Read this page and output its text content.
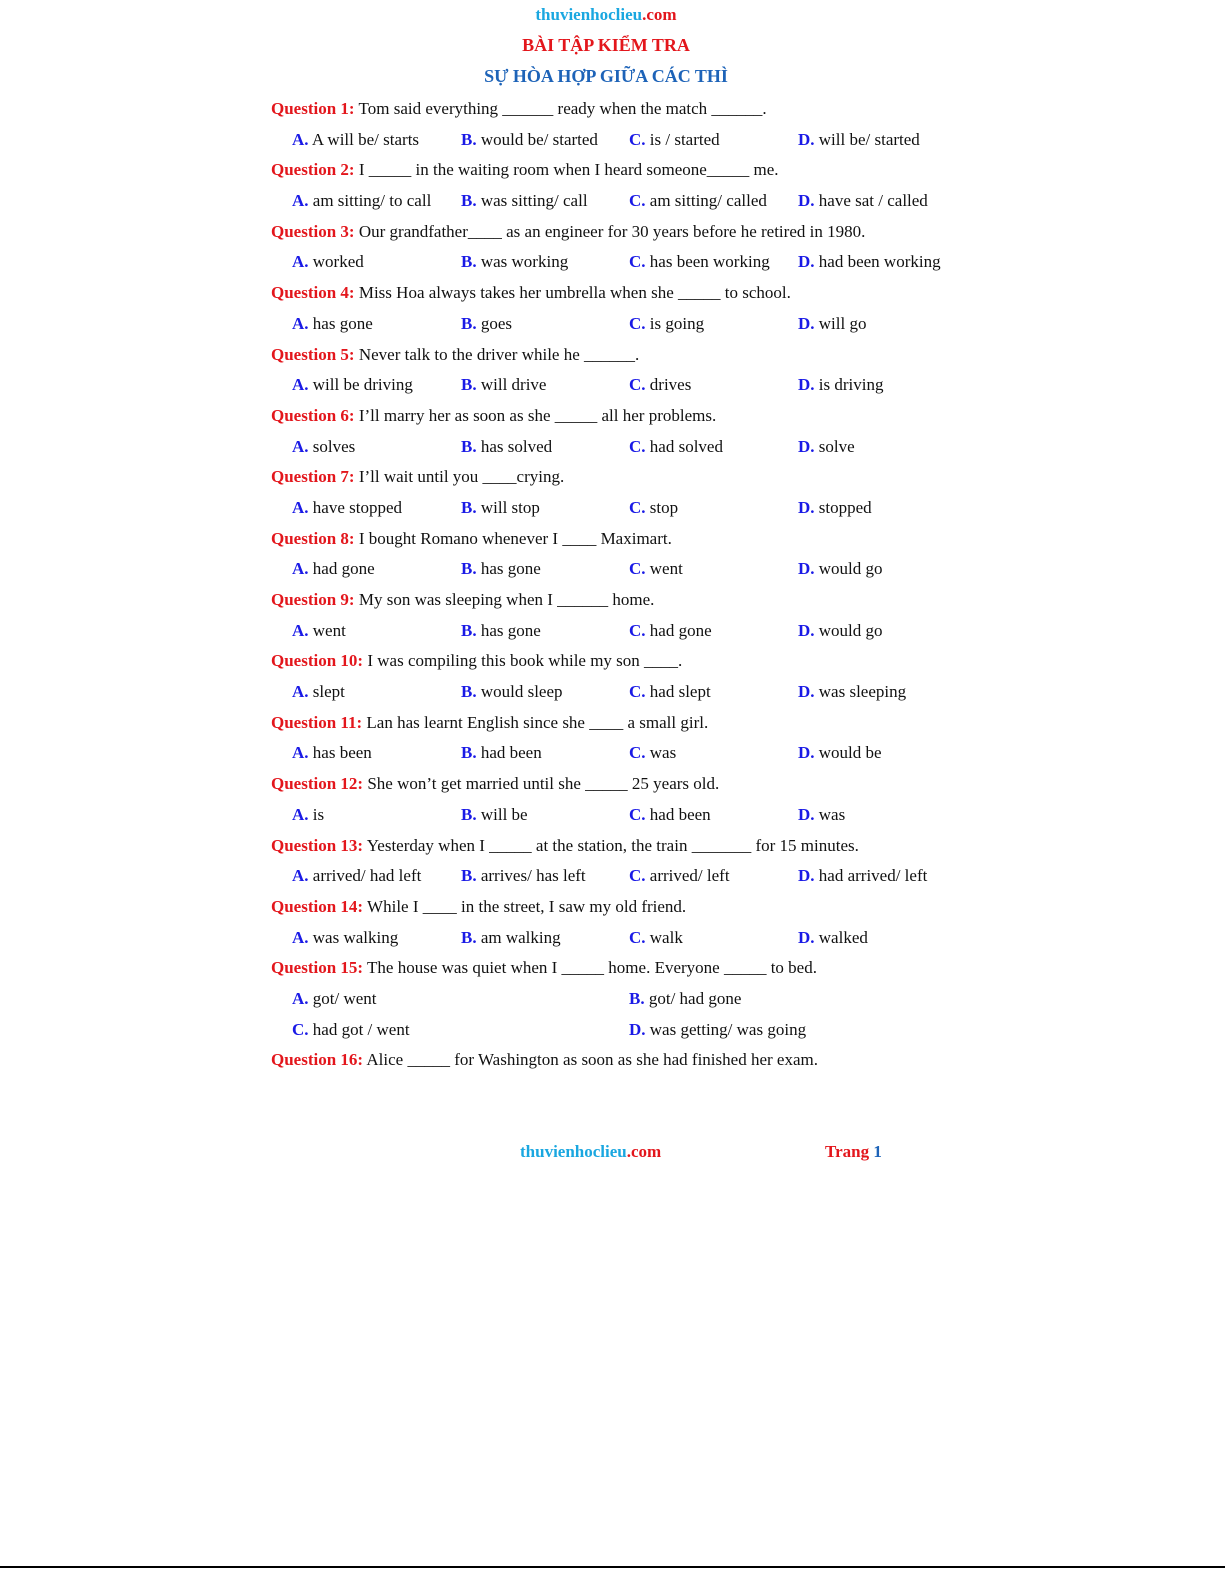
thuvienhoclieu.com
BÀI TẬP KIỂM TRA
SỰ HÒA HỢP GIỮA CÁC THÌ
Question 1: Tom said everything ______ ready when the match ______.
A. A will be/ starts B. would be/ started C. is / started	D. will be/ started
Question 2: I _____ in the waiting room when I heard someone_____ me.
A. am sitting/ to call B. was sitting/ call C. am sitting/ called D. have sat / called
Question 3: Our grandfather____ as an engineer for 30 years before he retired in 1980.
A. worked	B. was working	C. has been working D. had been working
Question 4: Miss Hoa always takes her umbrella when she _____ to school.
A. has gone	B. goes	C. is going	D. will go
Question 5: Never talk to the driver while he ______.
A. will be driving	B. will drive	C. drives	D. is driving
Question 6: I’ll marry her as soon as she _____ all her problems.
A. solves	B. has solved	C. had solved	D. solve
Question 7: I’ll wait until you ____crying.
A. have stopped	B. will stop	C. stop	D. stopped
Question 8: I bought Romano whenever I ____ Maximart.
A. had gone	B. has gone	C. went	D. would go
Question 9: My son was sleeping when I ______ home.
A. went	B. has gone	C. had gone	D. would go
Question 10: I was compiling this book while my son ____.
A. slept	B. would sleep	C. had slept	D. was sleeping
Question 11: Lan has learnt English since she ____ a small girl.
A. has been	B. had been	C. was	D. would be
Question 12: She won’t get married until she _____ 25 years old.
A. is	B. will be	C. had been	D. was
Question 13: Yesterday when I _____ at the station, the train _______ for 15 minutes.
A. arrived/ had left B. arrives/ has left	C. arrived/ left	D. had arrived/ left
Question 14: While I ____ in the street, I saw my old friend.
A. was walking	B. am walking	C. walk	D. walked
Question 15: The house was quiet when I _____ home. Everyone _____ to bed.
A. got/ went	B. got/ had gone
C. had got / went	D. was getting/ was going
Question 16: Alice _____ for Washington as soon as she had finished her exam.
thuvienhoclieu.com	Trang 1
